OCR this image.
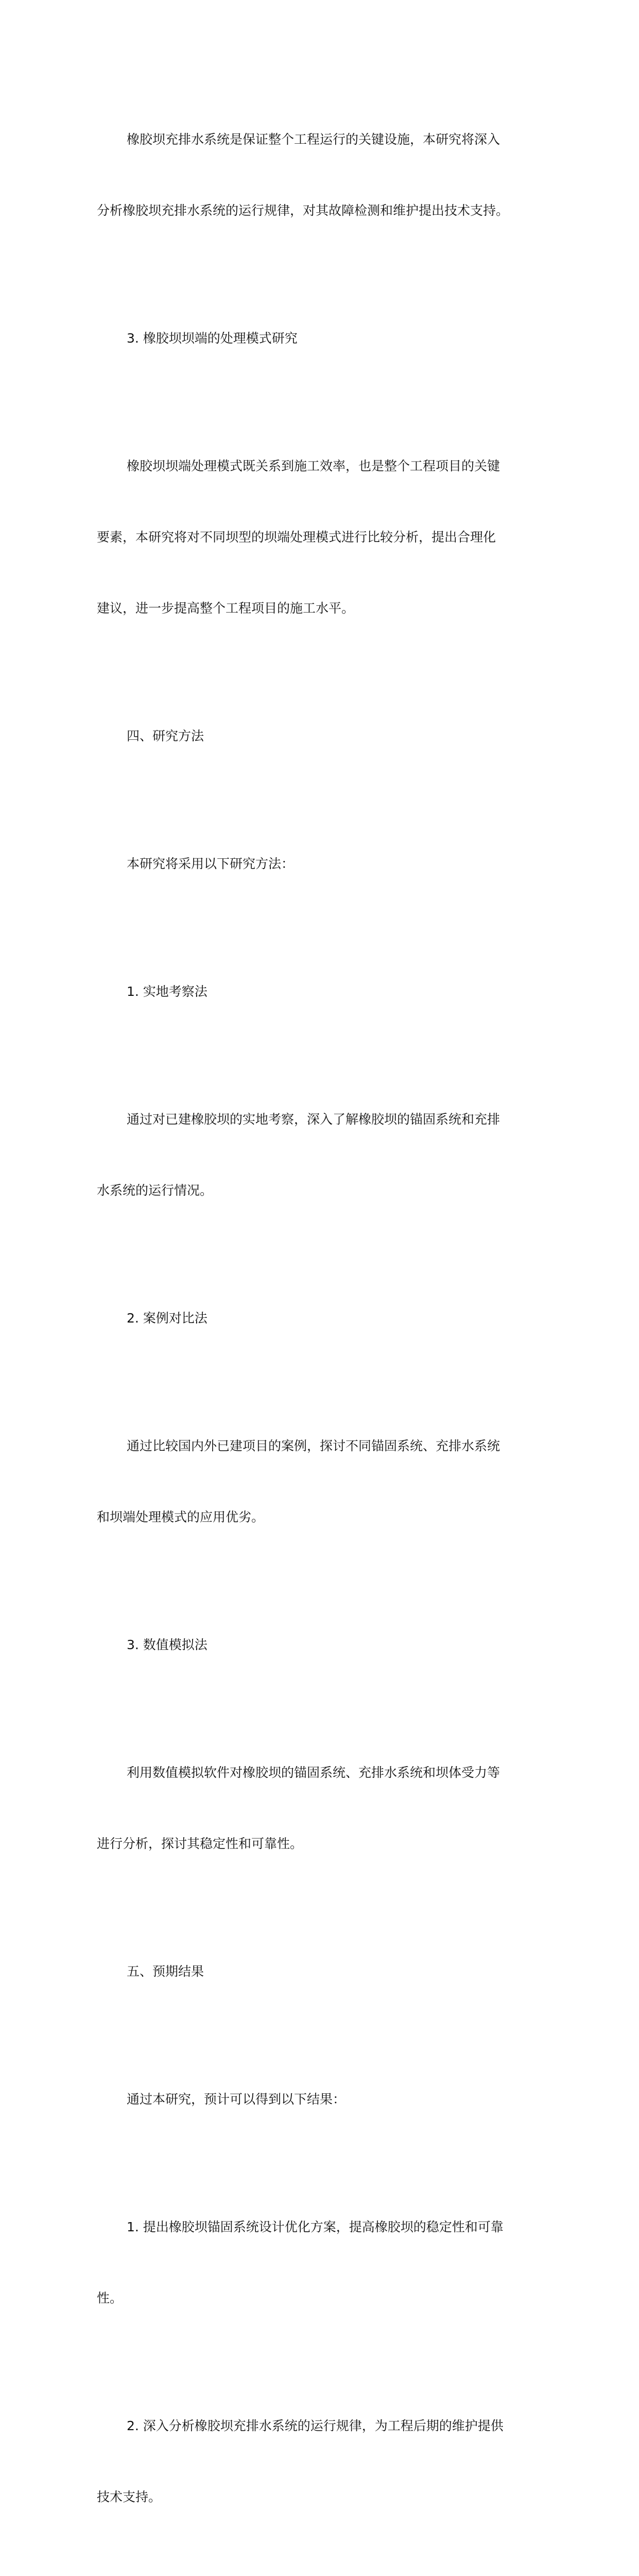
橡胶坝充排水系统是保证整个工程运行的关键设施，本研究将深入

分析橡胶坝充排水系统的运行规律，对其故障检测和维护提出技术支持。

3. 橡胶坝坝端的处理模式研究

橡胶坝坝端处理模式既关系到施工效率，也是整个工程项目的关键

要素，本研究将对不同坝型的坝端处理模式进行比较分析，提出合理化

建议，进一步提高整个工程项目的施工水平。

四、研究方法

本研究将采用以下研究方法：

1. 实地考察法

通过对已建橡胶坝的实地考察，深入了解橡胶坝的锚固系统和充排

水系统的运行情况。

2. 案例对比法

通过比较国内外已建项目的案例，探讨不同锚固系统、充排水系统

和坝端处理模式的应用优劣。

3. 数值模拟法

利用数值模拟软件对橡胶坝的锚固系统、充排水系统和坝体受力等

进行分析，探讨其稳定性和可靠性。

五、预期结果

通过本研究，预计可以得到以下结果：

1. 提出橡胶坝锚固系统设计优化方案，提高橡胶坝的稳定性和可靠

性。

2. 深入分析橡胶坝充排水系统的运行规律，为工程后期的维护提供

技术支持。
